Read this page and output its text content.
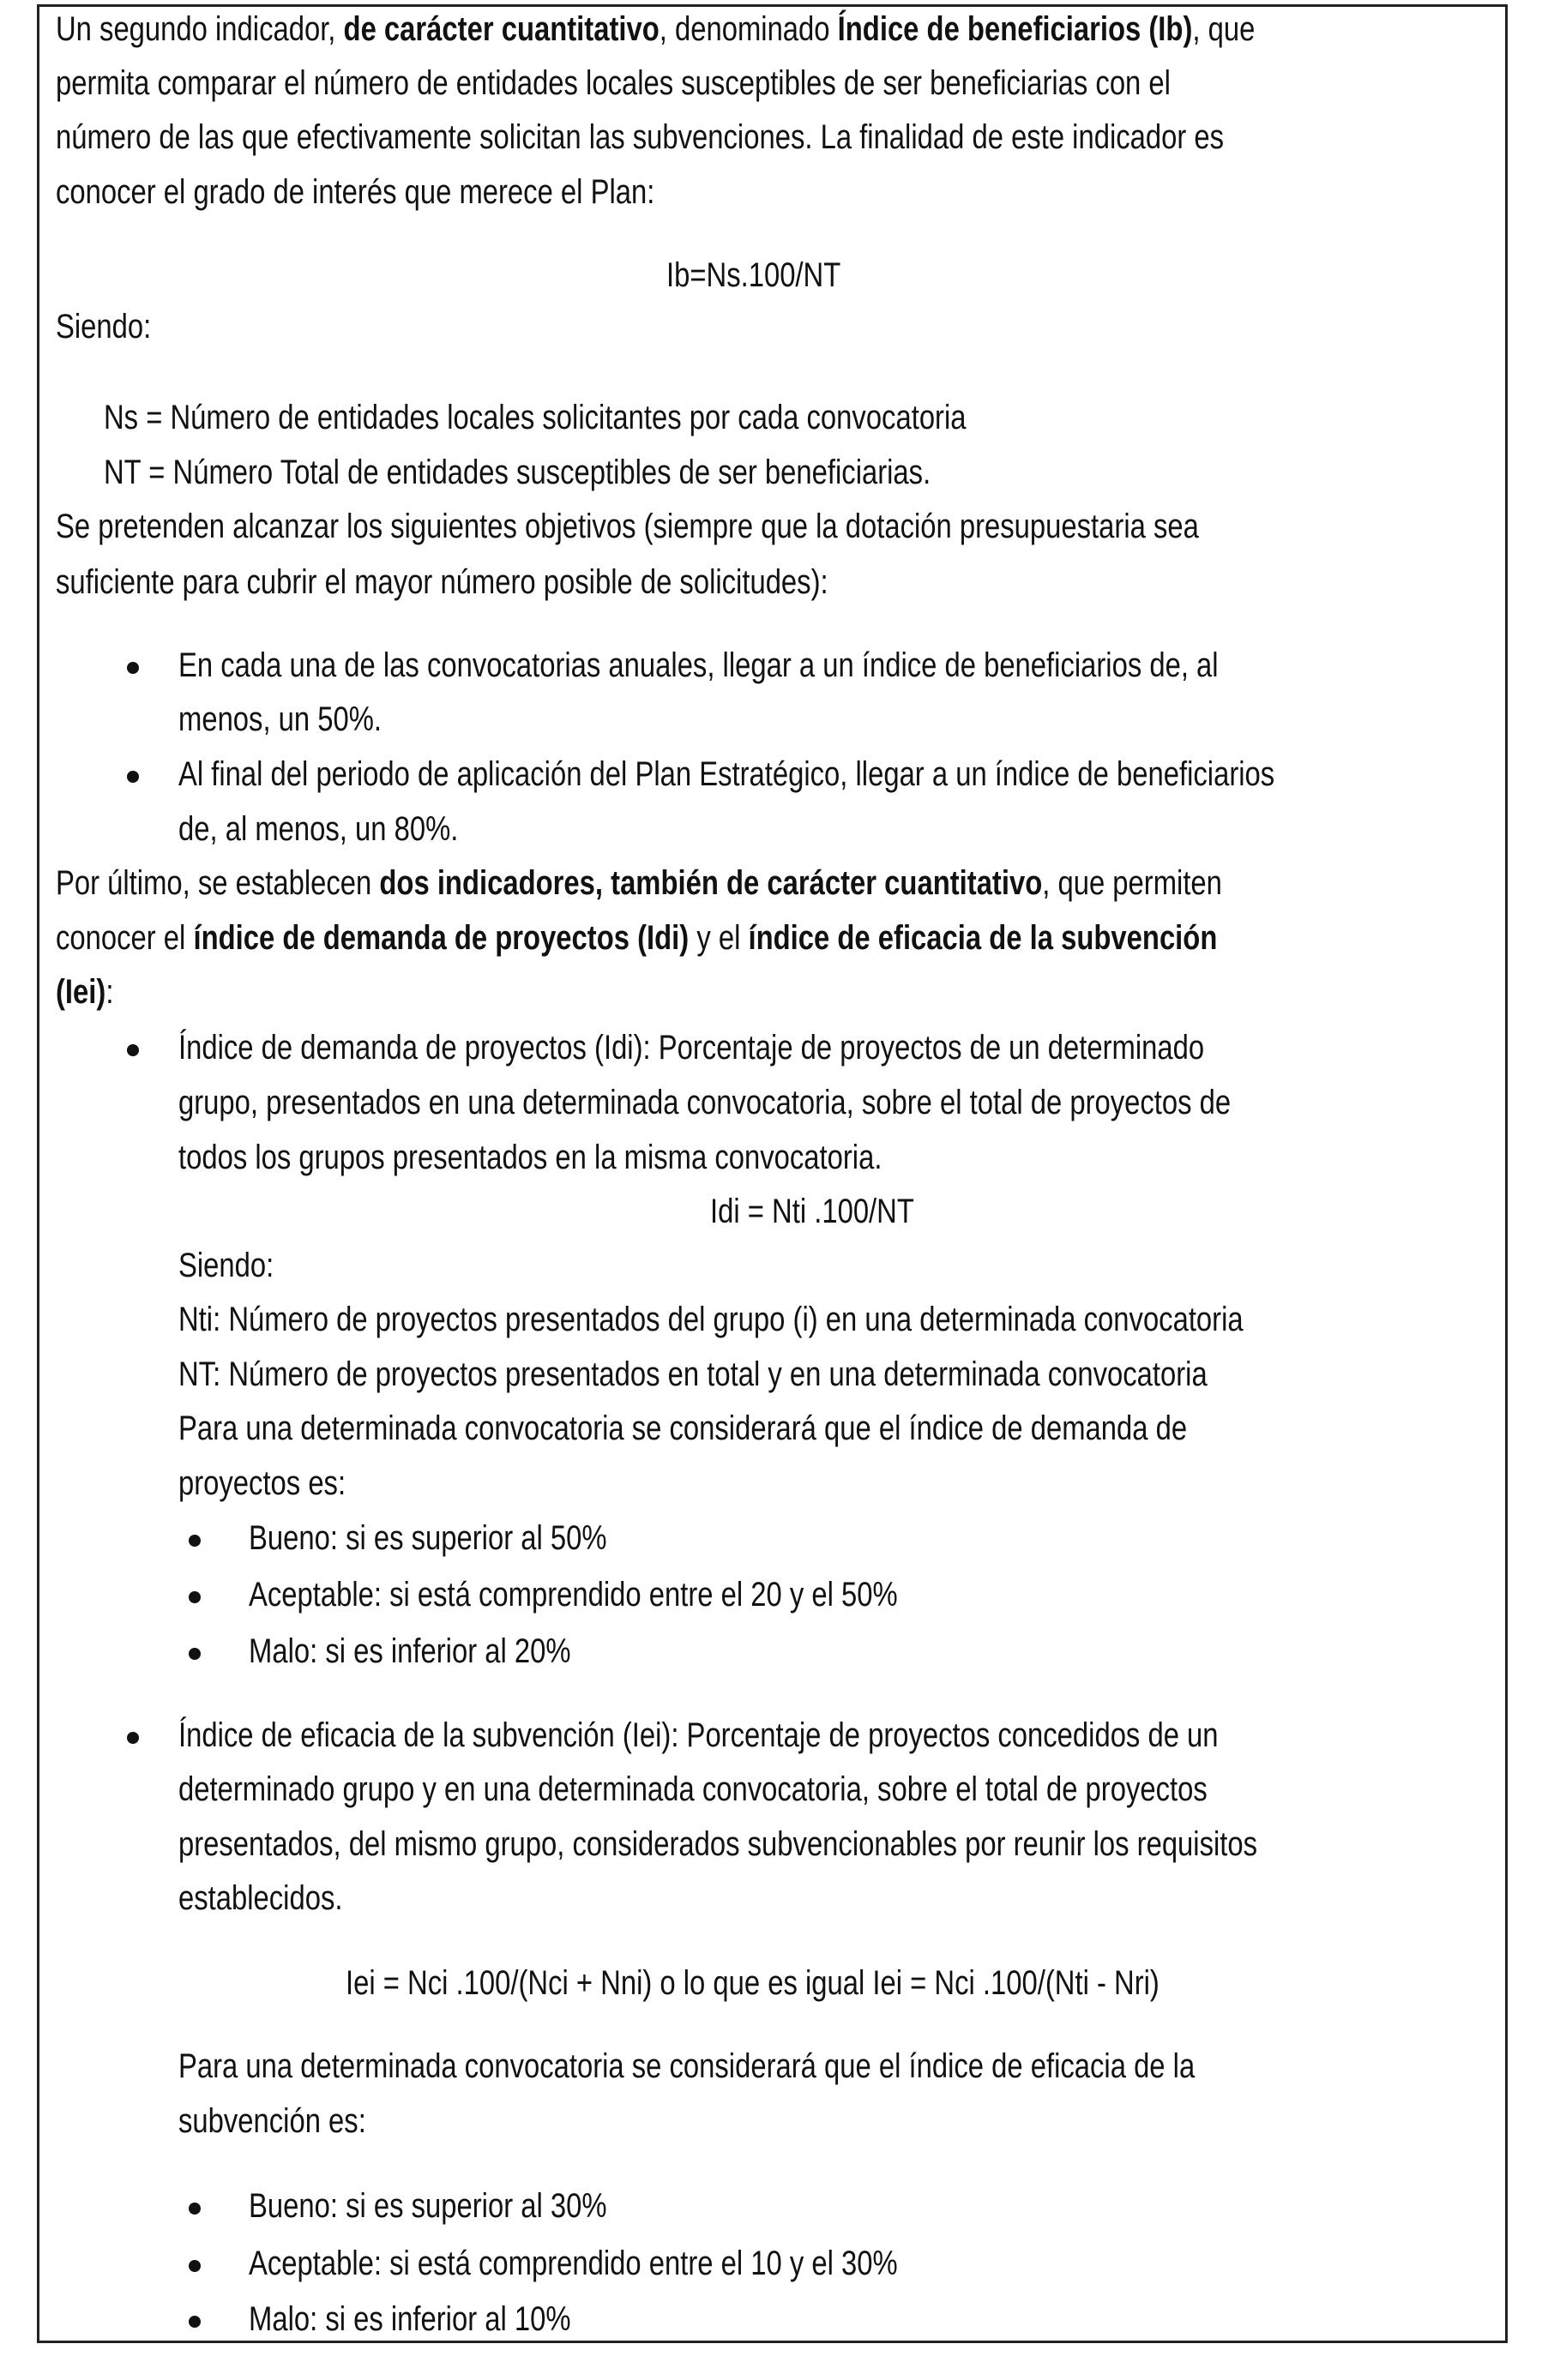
Un segundo indicador, de carácter cuantitativo, denominado Índice de beneficiarios (Ib), que
permita comparar el número de entidades locales susceptibles de ser beneficiarias con el
número de las que efectivamente solicitan las subvenciones. La finalidad de este indicador es
conocer el grado de interés que merece el Plan:
Ib=Ns.100/NT
Siendo:
Ns = Número de entidades locales solicitantes por cada convocatoria
NT = Número Total de entidades susceptibles de ser beneficiarias.
Se pretenden alcanzar los siguientes objetivos (siempre que la dotación presupuestaria sea
suficiente para cubrir el mayor número posible de solicitudes):
En cada una de las convocatorias anuales, llegar a un índice de beneficiarios de, al
menos, un 50%.
Al final del periodo de aplicación del Plan Estratégico, llegar a un índice de beneficiarios
de, al menos, un 80%.
Por último, se establecen dos indicadores, también de carácter cuantitativo, que permiten
conocer el índice de demanda de proyectos (Idi) y el índice de eficacia de la subvención
(Iei):
Índice de demanda de proyectos (Idi): Porcentaje de proyectos de un determinado
grupo, presentados en una determinada convocatoria, sobre el total de proyectos de
todos los grupos presentados en la misma convocatoria.
Idi = Nti .100/NT
Siendo:
Nti: Número de proyectos presentados del grupo (i) en una determinada convocatoria
NT: Número de proyectos presentados en total y en una determinada convocatoria
Para una determinada convocatoria se considerará que el índice de demanda de
proyectos es:
Bueno: si es superior al 50%
Aceptable: si está comprendido entre el 20 y el 50%
Malo: si es inferior al 20%
Índice de eficacia de la subvención (Iei): Porcentaje de proyectos concedidos de un
determinado grupo y en una determinada convocatoria, sobre el total de proyectos
presentados, del mismo grupo, considerados subvencionables por reunir los requisitos
establecidos.
Iei = Nci .100/(Nci + Nni) o lo que es igual Iei = Nci .100/(Nti - Nri)
Para una determinada convocatoria se considerará que el índice de eficacia de la
subvención es:
Bueno: si es superior al 30%
Aceptable: si está comprendido entre el 10 y el 30%
Malo: si es inferior al 10%
